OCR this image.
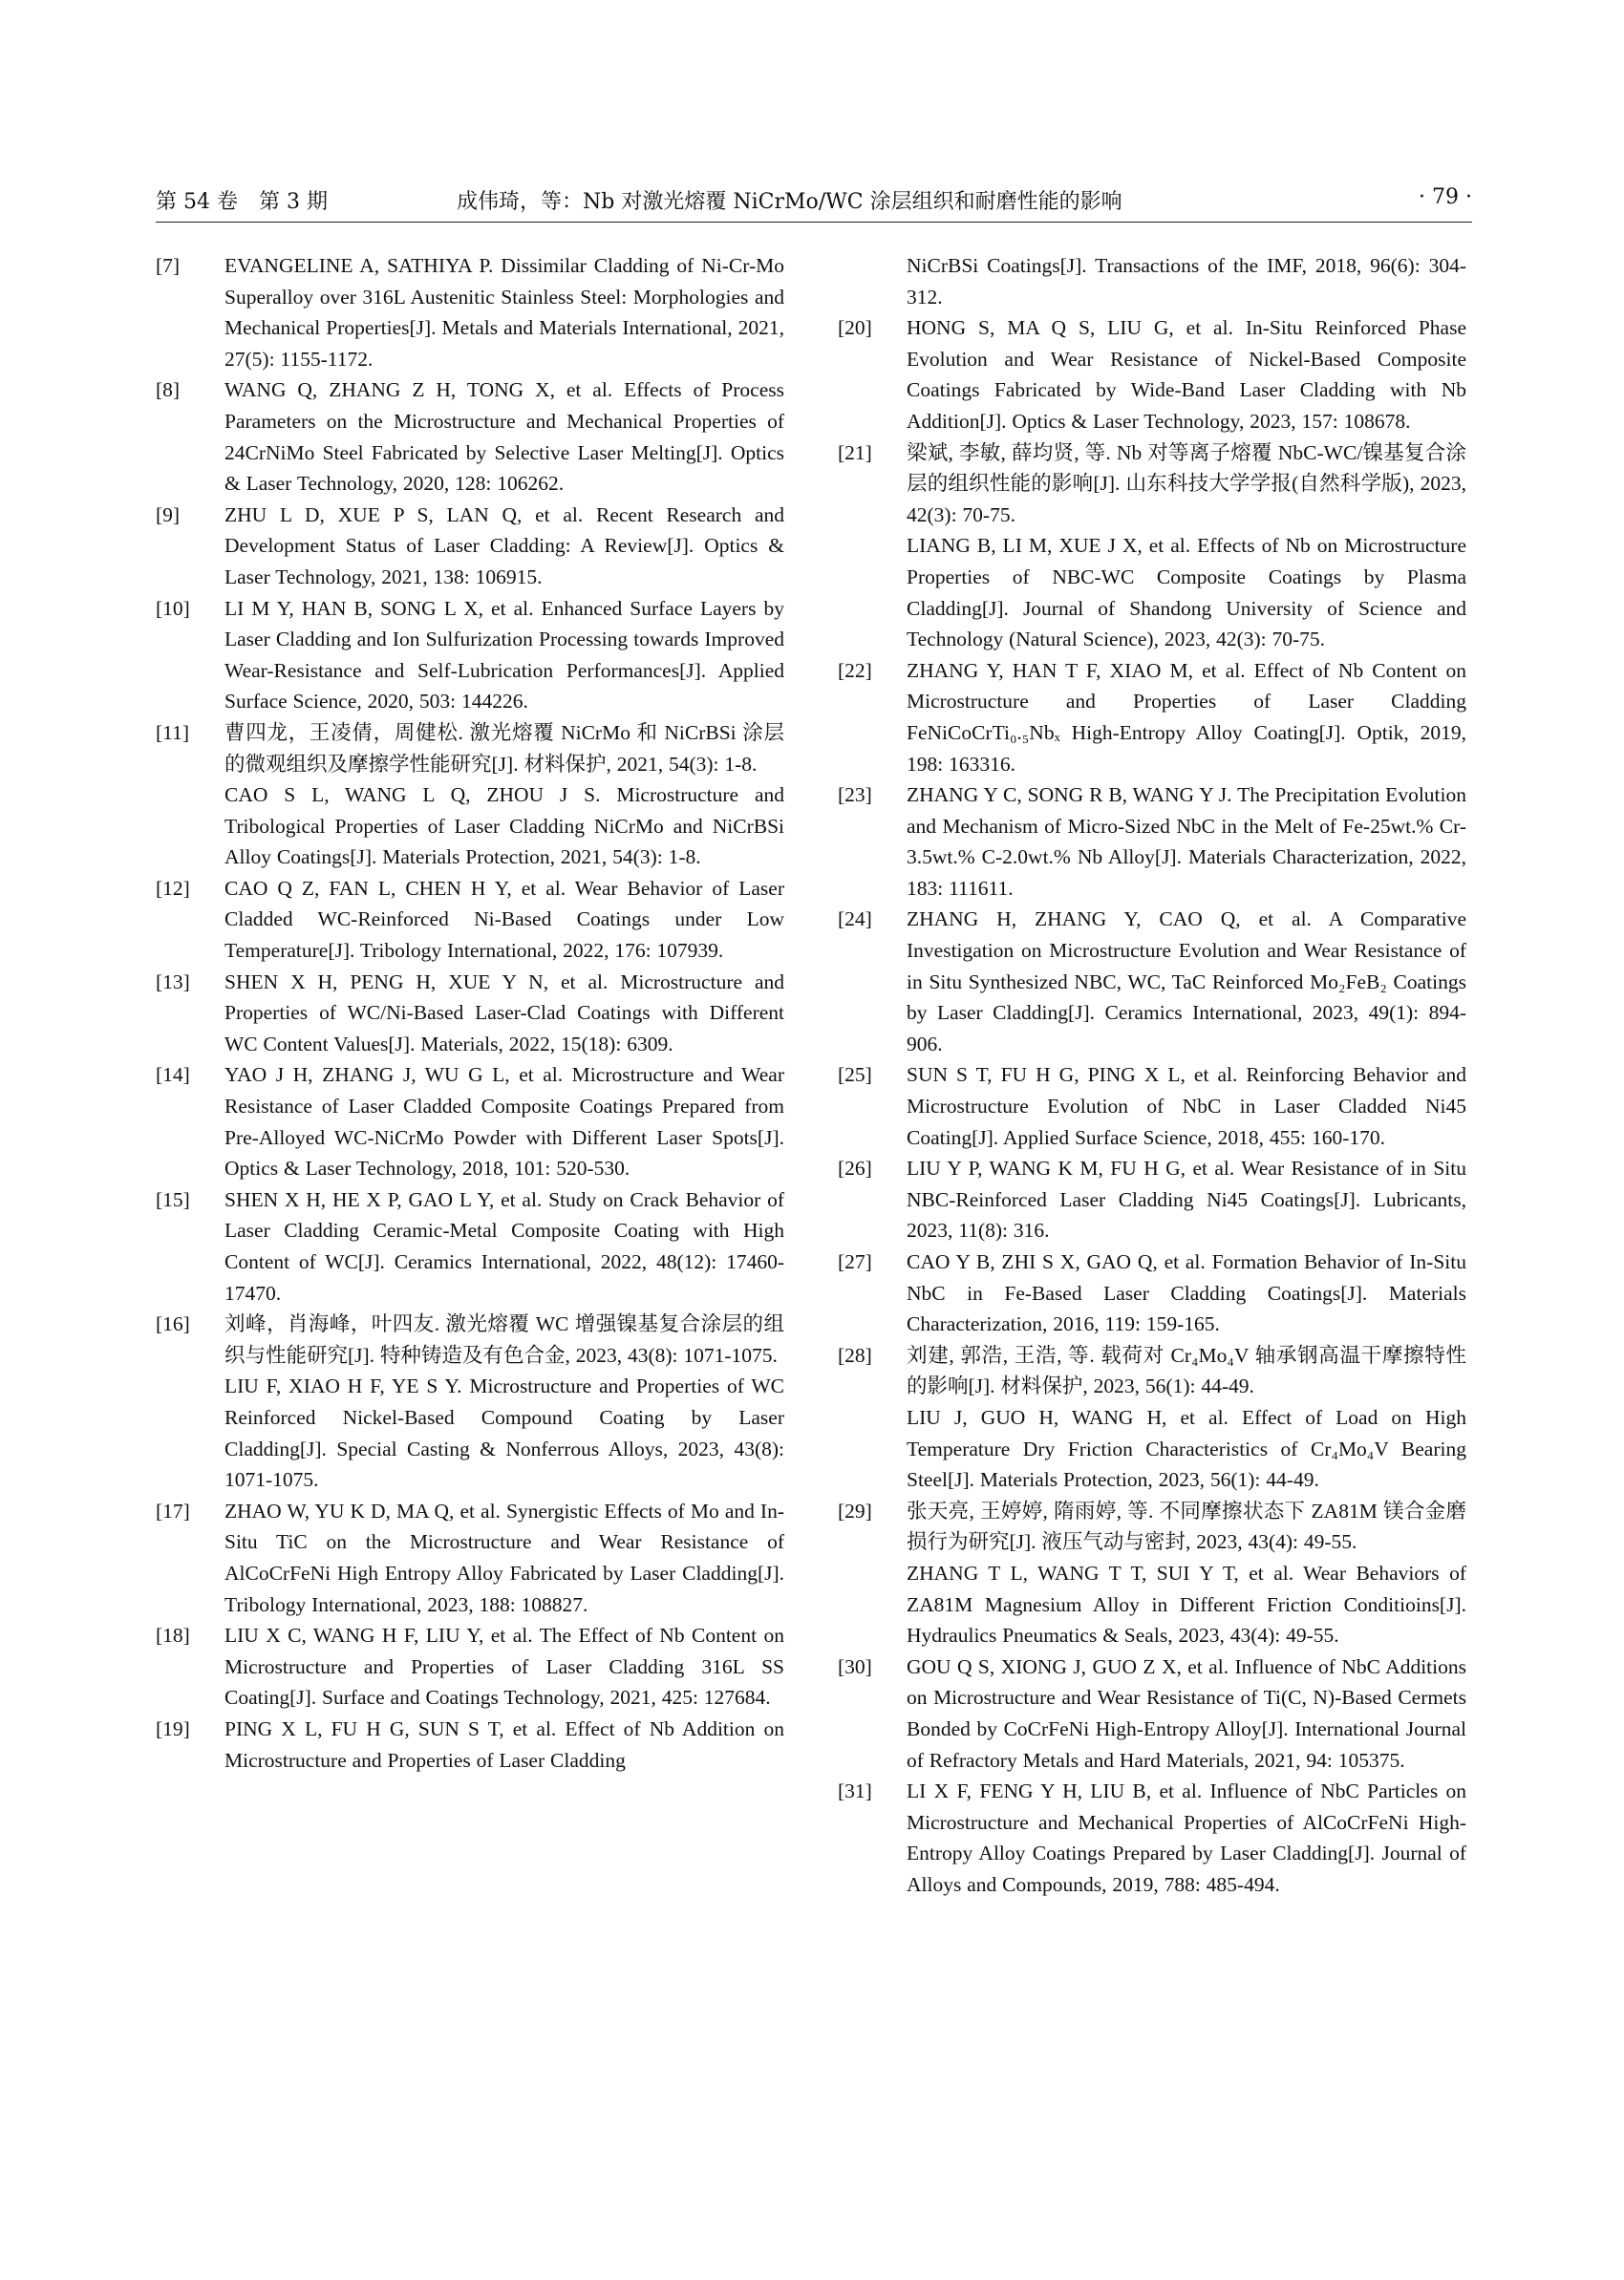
第 54 卷　第 3 期	成伟琦，等：Nb 对激光熔覆 NiCrMo/WC 涂层组织和耐磨性能的影响	· 79 ·
[7]	EVANGELINE A, SATHIYA P. Dissimilar Cladding of Ni-Cr-Mo Superalloy over 316L Austenitic Stainless Steel: Morphologies and Mechanical Properties[J]. Metals and Materials International, 2021, 27(5): 1155-1172.

[8]	WANG Q, ZHANG Z H, TONG X, et al. Effects of Process Parameters on the Microstructure and Mechanical Properties of 24CrNiMo Steel Fabricated by Selective Laser Melting[J]. Optics & Laser Technology, 2020, 128: 106262.

[9]	ZHU L D, XUE P S, LAN Q, et al. Recent Research and Development Status of Laser Cladding: A Review[J]. Optics & Laser Technology, 2021, 138: 106915.

[10]	LI M Y, HAN B, SONG L X, et al. Enhanced Surface Layers by Laser Cladding and Ion Sulfurization Processing towards Improved Wear-Resistance and Self-Lubrication Performances[J]. Applied Surface Science, 2020, 503: 144226.

[11]	曹四龙，王凌倩，周健松. 激光熔覆 NiCrMo 和 NiCrBSi 涂层的微观组织及摩擦学性能研究[J]. 材料保护, 2021, 54(3): 1-8.

CAO S L, WANG L Q, ZHOU J S. Microstructure and Tribological Properties of Laser Cladding NiCrMo and NiCrBSi Alloy Coatings[J]. Materials Protection, 2021, 54(3): 1-8.

[12]	CAO Q Z, FAN L, CHEN H Y, et al. Wear Behavior of Laser Cladded WC-Reinforced Ni-Based Coatings under Low Temperature[J]. Tribology International, 2022, 176: 107939.

[13]	SHEN X H, PENG H, XUE Y N, et al. Microstructure and Properties of WC/Ni-Based Laser-Clad Coatings with Different WC Content Values[J]. Materials, 2022, 15(18): 6309.

[14]	YAO J H, ZHANG J, WU G L, et al. Microstructure and Wear Resistance of Laser Cladded Composite Coatings Prepared from Pre-Alloyed WC-NiCrMo Powder with Different Laser Spots[J]. Optics & Laser Technology, 2018, 101: 520-530.

[15]	SHEN X H, HE X P, GAO L Y, et al. Study on Crack Behavior of Laser Cladding Ceramic-Metal Composite Coating with High Content of WC[J]. Ceramics International, 2022, 48(12): 17460-17470.

[16]	刘峰，肖海峰，叶四友. 激光熔覆 WC 增强镍基复合涂层的组织与性能研究[J]. 特种铸造及有色合金, 2023, 43(8): 1071-1075.

LIU F, XIAO H F, YE S Y. Microstructure and Properties of WC Reinforced Nickel-Based Compound Coating by Laser Cladding[J]. Special Casting & Nonferrous Alloys, 2023, 43(8): 1071-1075.

[17]	ZHAO W, YU K D, MA Q, et al. Synergistic Effects of Mo and In-Situ TiC on the Microstructure and Wear Resistance of AlCoCrFeNi High Entropy Alloy Fabricated by Laser Cladding[J]. Tribology International, 2023, 188: 108827.

[18]	LIU X C, WANG H F, LIU Y, et al. The Effect of Nb Content on Microstructure and Properties of Laser Cladding 316L SS Coating[J]. Surface and Coatings Technology, 2021, 425: 127684.

[19]	PING X L, FU H G, SUN S T, et al. Effect of Nb Addition on Microstructure and Properties of Laser Cladding

NiCrBSi Coatings[J]. Transactions of the IMF, 2018, 96(6): 304-312.

[20]	HONG S, MA Q S, LIU G, et al. In-Situ Reinforced Phase Evolution and Wear Resistance of Nickel-Based Composite Coatings Fabricated by Wide-Band Laser Cladding with Nb Addition[J]. Optics & Laser Technology, 2023, 157: 108678.

[21]	梁斌, 李敏, 薛均贤, 等. Nb 对等离子熔覆 NbC-WC/镍基复合涂层的组织性能的影响[J]. 山东科技大学学报(自然科学版), 2023, 42(3): 70-75.

LIANG B, LI M, XUE J X, et al. Effects of Nb on Microstructure Properties of NBC-WC Composite Coatings by Plasma Cladding[J]. Journal of Shandong University of Science and Technology (Natural Science), 2023, 42(3): 70-75.

[22]	ZHANG Y, HAN T F, XIAO M, et al. Effect of Nb Content on Microstructure and Properties of Laser Cladding FeNiCoCrTi₀.₅Nbₓ High-Entropy Alloy Coating[J]. Optik, 2019, 198: 163316.

[23]	ZHANG Y C, SONG R B, WANG Y J. The Precipitation Evolution and Mechanism of Micro-Sized NbC in the Melt of Fe-25wt.% Cr-3.5wt.% C-2.0wt.% Nb Alloy[J]. Materials Characterization, 2022, 183: 111611.

[24]	ZHANG H, ZHANG Y, CAO Q, et al. A Comparative Investigation on Microstructure Evolution and Wear Resistance of in Situ Synthesized NBC, WC, TaC Reinforced Mo₂FeB₂ Coatings by Laser Cladding[J]. Ceramics International, 2023, 49(1): 894-906.

[25]	SUN S T, FU H G, PING X L, et al. Reinforcing Behavior and Microstructure Evolution of NbC in Laser Cladded Ni45 Coating[J]. Applied Surface Science, 2018, 455: 160-170.

[26]	LIU Y P, WANG K M, FU H G, et al. Wear Resistance of in Situ NBC-Reinforced Laser Cladding Ni45 Coatings[J]. Lubricants, 2023, 11(8): 316.

[27]	CAO Y B, ZHI S X, GAO Q, et al. Formation Behavior of In-Situ NbC in Fe-Based Laser Cladding Coatings[J]. Materials Characterization, 2016, 119: 159-165.

[28]	刘建, 郭浩, 王浩, 等. 载荷对 Cr₄Mo₄V 轴承钢高温干摩擦特性的影响[J]. 材料保护, 2023, 56(1): 44-49.

LIU J, GUO H, WANG H, et al. Effect of Load on High Temperature Dry Friction Characteristics of Cr₄Mo₄V Bearing Steel[J]. Materials Protection, 2023, 56(1): 44-49.

[29]	张天亮, 王婷婷, 隋雨婷, 等. 不同摩擦状态下 ZA81M 镁合金磨损行为研究[J]. 液压气动与密封, 2023, 43(4): 49-55.

ZHANG T L, WANG T T, SUI Y T, et al. Wear Behaviors of ZA81M Magnesium Alloy in Different Friction Conditioins[J]. Hydraulics Pneumatics & Seals, 2023, 43(4): 49-55.

[30]	GOU Q S, XIONG J, GUO Z X, et al. Influence of NbC Additions on Microstructure and Wear Resistance of Ti(C, N)-Based Cermets Bonded by CoCrFeNi High-Entropy Alloy[J]. International Journal of Refractory Metals and Hard Materials, 2021, 94: 105375.

[31]	LI X F, FENG Y H, LIU B, et al. Influence of NbC Particles on Microstructure and Mechanical Properties of AlCoCrFeNi High-Entropy Alloy Coatings Prepared by Laser Cladding[J]. Journal of Alloys and Compounds, 2019, 788: 485-494.
